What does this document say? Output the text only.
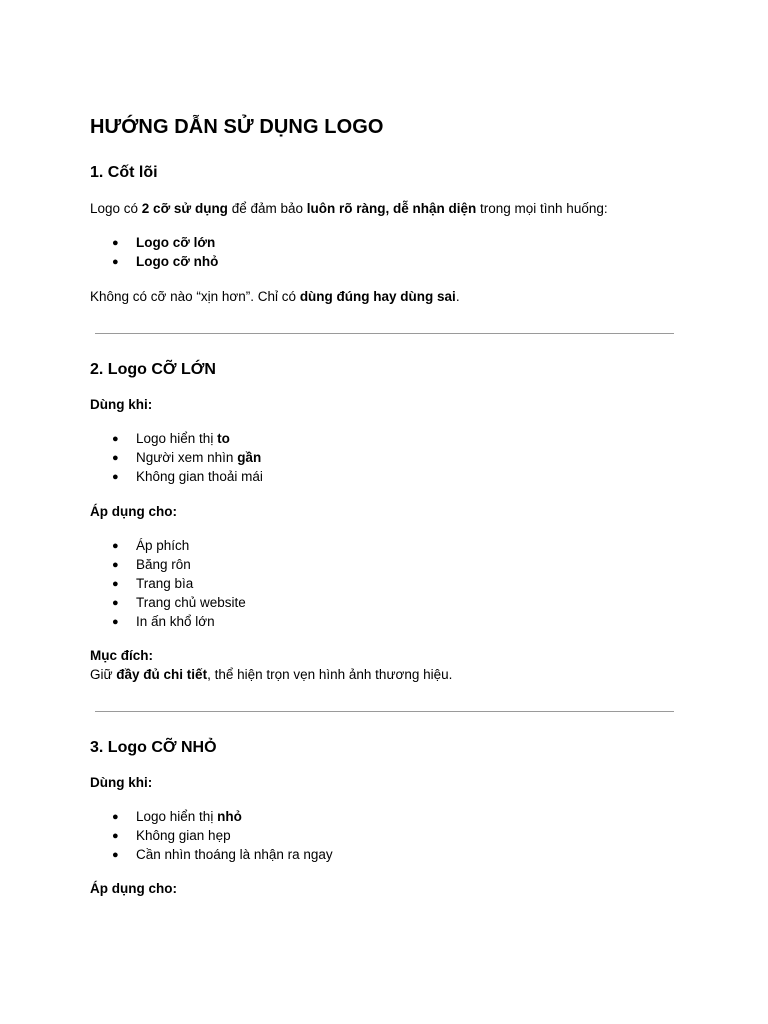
HƯỚNG DẪN SỬ DỤNG LOGO
1. Cốt lõi
Logo có 2 cỡ sử dụng để đảm bảo luôn rõ ràng, dễ nhận diện trong mọi tình huống:
● Logo cỡ lớn
● Logo cỡ nhỏ
Không có cỡ nào “xịn hơn”. Chỉ có dùng đúng hay dùng sai.
2. Logo CỠ LỚN
Dùng khi:
● Logo hiển thị to
● Người xem nhìn gần
● Không gian thoải mái
Áp dụng cho:
● Áp phích
● Băng rôn
● Trang bìa
● Trang chủ website
● In ấn khổ lớn
Mục đích:
Giữ đầy đủ chi tiết, thể hiện trọn vẹn hình ảnh thương hiệu.
3. Logo CỠ NHỎ
Dùng khi:
● Logo hiển thị nhỏ
● Không gian hẹp
● Cần nhìn thoáng là nhận ra ngay
Áp dụng cho:
